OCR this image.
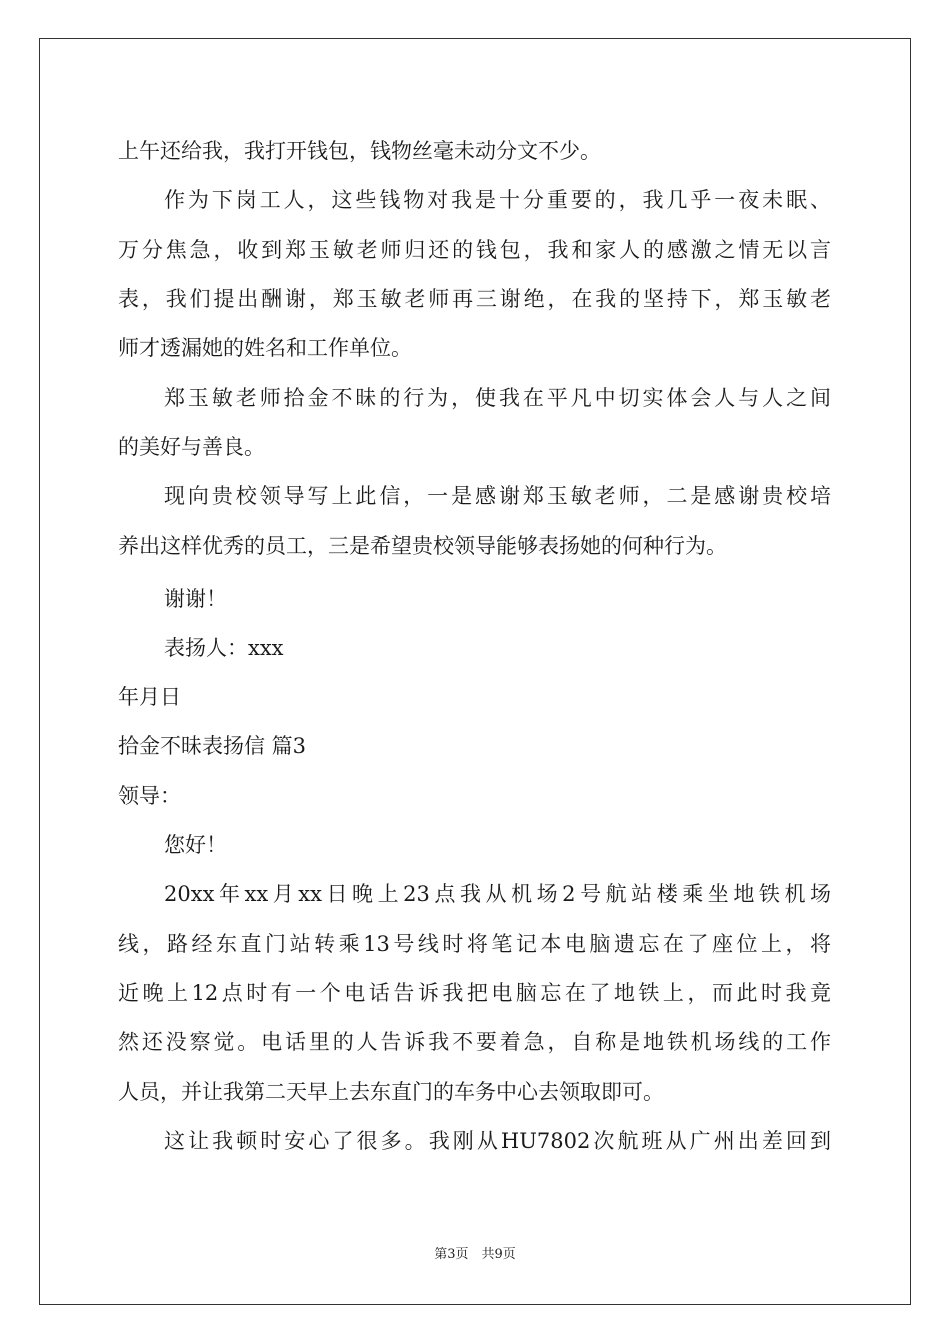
上午还给我，我打开钱包，钱物丝毫未动分文不少。
作为下岗工人，这些钱物对我是十分重要的，我几乎一夜未眠、
万分焦急，收到郑玉敏老师归还的钱包，我和家人的感激之情无以言
表，我们提出酬谢，郑玉敏老师再三谢绝，在我的坚持下，郑玉敏老
师才透漏她的姓名和工作单位。
郑玉敏老师拾金不昧的行为，使我在平凡中切实体会人与人之间
的美好与善良。
现向贵校领导写上此信，一是感谢郑玉敏老师，二是感谢贵校培
养出这样优秀的员工，三是希望贵校领导能够表扬她的何种行为。
谢谢！
表扬人：xxx
年月日
拾金不昧表扬信 篇3
领导：
您好！
20xx年xx月xx日晚上23点我从机场2号航站楼乘坐地铁机场
线，路经东直门站转乘13号线时将笔记本电脑遗忘在了座位上，将
近晚上12点时有一个电话告诉我把电脑忘在了地铁上，而此时我竟
然还没察觉。电话里的人告诉我不要着急，自称是地铁机场线的工作
人员，并让我第二天早上去东直门的车务中心去领取即可。
这让我顿时安心了很多。我刚从HU7802次航班从广州出差回到
第3页　共9页
